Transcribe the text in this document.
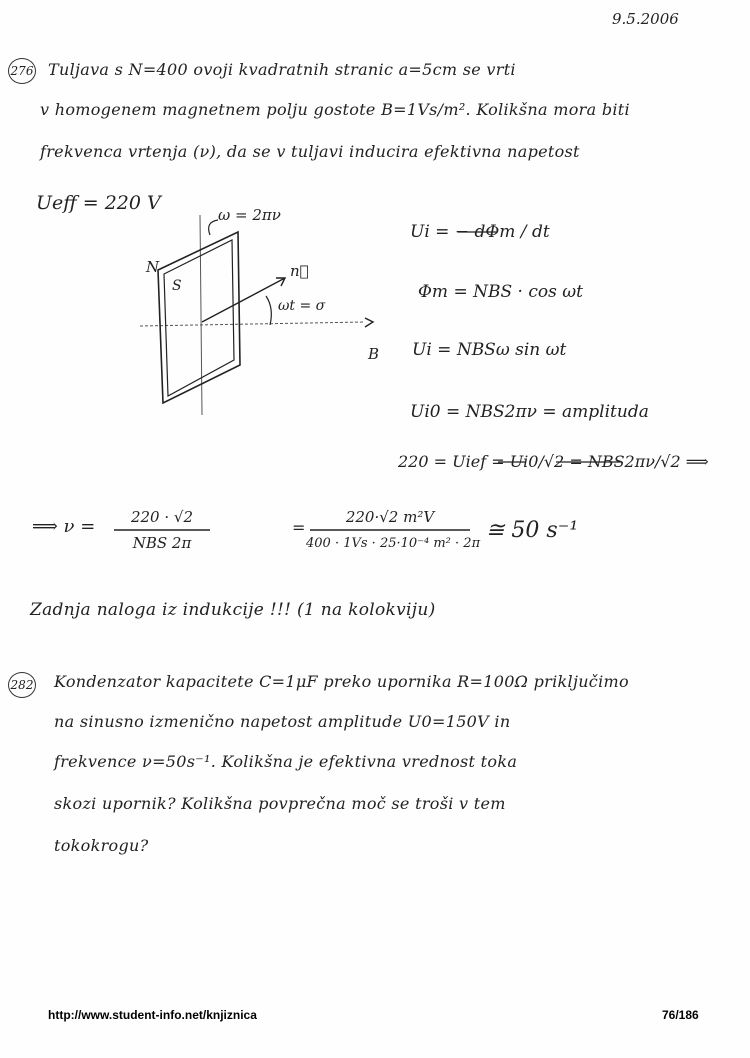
9.5.2006
276 Tuljava s N=400 ovoji kvadratnih stranic a=5cm se vrti
v homogenem magnetnem polju gostote B=1Vs/m². Kolikšna mora biti
frekvenca vrtenja (ν), da se v tuljavi inducira efektivna napetost
Ueff = 220 V
ω = 2πν
N
S
n⃗
ωt = σ
B
Ui = − dΦm / dt
Φm = NBS · cos ωt
Ui = NBSω sin ωt
Ui0 = NBS2πν = amplituda
220 = Uief = Ui0/√2 = NBS2πν/√2 ⟹
⟹ ν =	220 · √2
NBS 2π
=
220·√2 m²V
400 · 1Vs · 25·10⁻⁴ m² · 2π
≅ 50 s⁻¹
Zadnja naloga iz indukcije !!! (1 na kolokviju)
282 Kondenzator kapacitete C=1μF preko upornika R=100Ω priključimo
na sinusno izmenično napetost amplitude U0=150V in
frekvence ν=50s⁻¹. Kolikšna je efektivna vrednost toka
skozi upornik? Kolikšna povprečna moč se troši v tem
tokokrogu?
http://www.student-info.net/knjiznica	76/186
